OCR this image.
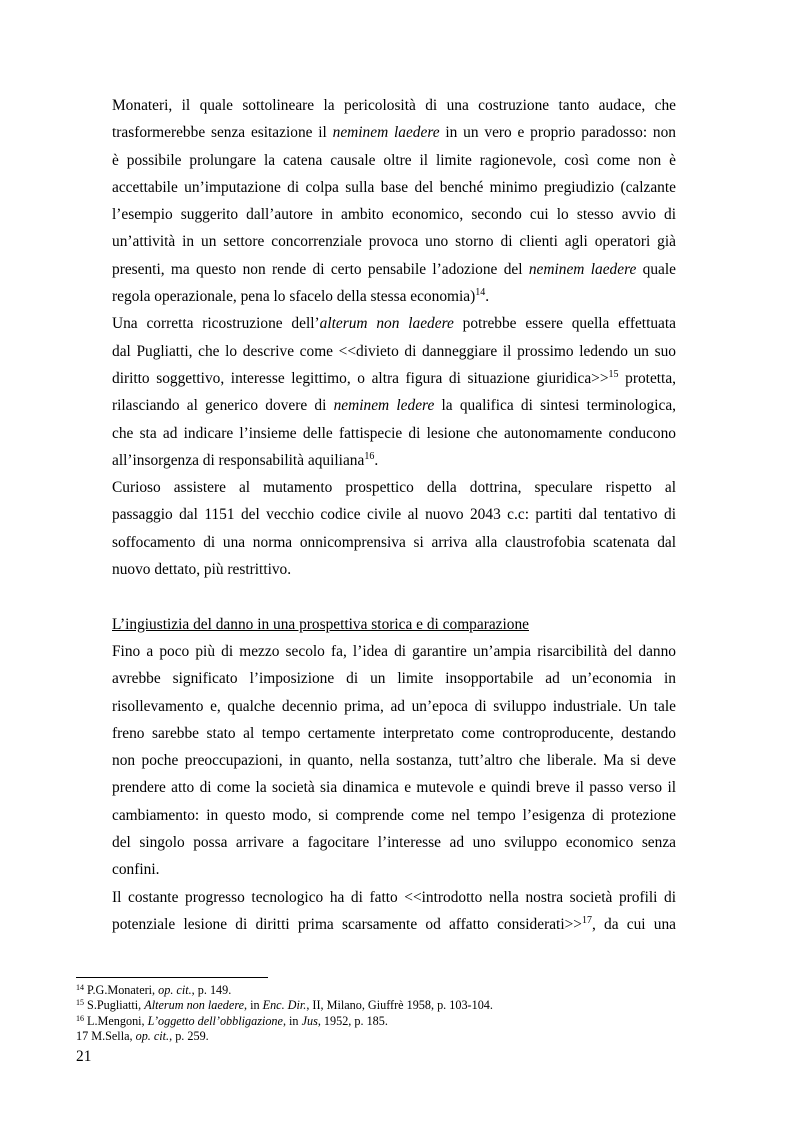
Monateri, il quale sottolineare la pericolosità di una costruzione tanto audace, che
trasformerebbe senza esitazione il neminem laedere in un vero e proprio paradosso: non
è possibile prolungare la catena causale oltre il limite ragionevole, così come non è
accettabile un’imputazione di colpa sulla base del benché minimo pregiudizio (calzante
l’esempio suggerito dall’autore in ambito economico, secondo cui lo stesso avvio di
un’attività in un settore concorrenziale provoca uno storno di clienti agli operatori già
presenti, ma questo non rende di certo pensabile l’adozione del neminem laedere quale
regola operazionale, pena lo sfacelo della stessa economia)$^{14}$.
Una corretta ricostruzione dell’alterum non laedere potrebbe essere quella effettuata
dal Pugliatti, che lo descrive come <<divieto di danneggiare il prossimo ledendo un suo
diritto soggettivo, interesse legittimo, o altra figura di situazione giuridica>>$^{15}$ protetta,
rilasciando al generico dovere di neminem ledere la qualifica di sintesi terminologica,
che sta ad indicare l’insieme delle fattispecie di lesione che autonomamente conducono
all’insorgenza di responsabilità aquiliana$^{16}$.
Curioso assistere al mutamento prospettico della dottrina, speculare rispetto al
passaggio dal 1151 del vecchio codice civile al nuovo 2043 c.c: partiti dal tentativo di
soffocamento di una norma onnicomprensiva si arriva alla claustrofobia scatenata dal
nuovo dettato, più restrittivo.
L’ingiustizia del danno in una prospettiva storica e di comparazione
Fino a poco più di mezzo secolo fa, l’idea di garantire un’ampia risarcibilità del danno
avrebbe significato l’imposizione di un limite insopportabile ad un’economia in
risollevamento e, qualche decennio prima, ad un’epoca di sviluppo industriale. Un tale
freno sarebbe stato al tempo certamente interpretato come controproducente, destando
non poche preoccupazioni, in quanto, nella sostanza, tutt’altro che liberale. Ma si deve
prendere atto di come la società sia dinamica e mutevole e quindi breve il passo verso il
cambiamento: in questo modo, si comprende come nel tempo l’esigenza di protezione
del singolo possa arrivare a fagocitare l’interesse ad uno sviluppo economico senza
confini.
Il costante progresso tecnologico ha di fatto <<introdotto nella nostra società profili di
potenziale lesione di diritti prima scarsamente od affatto considerati>>$^{17}$, da cui una
$^{14}$ P.G.Monateri, op. cit., p. 149.
$^{15}$ S.Pugliatti, Alterum non laedere, in Enc. Dir., II, Milano, Giuffrè 1958, p. 103-104.
$^{16}$ L.Mengoni, L’oggetto dell’obbligazione, in Jus, 1952, p. 185.
17 M.Sella, op. cit., p. 259.
21
